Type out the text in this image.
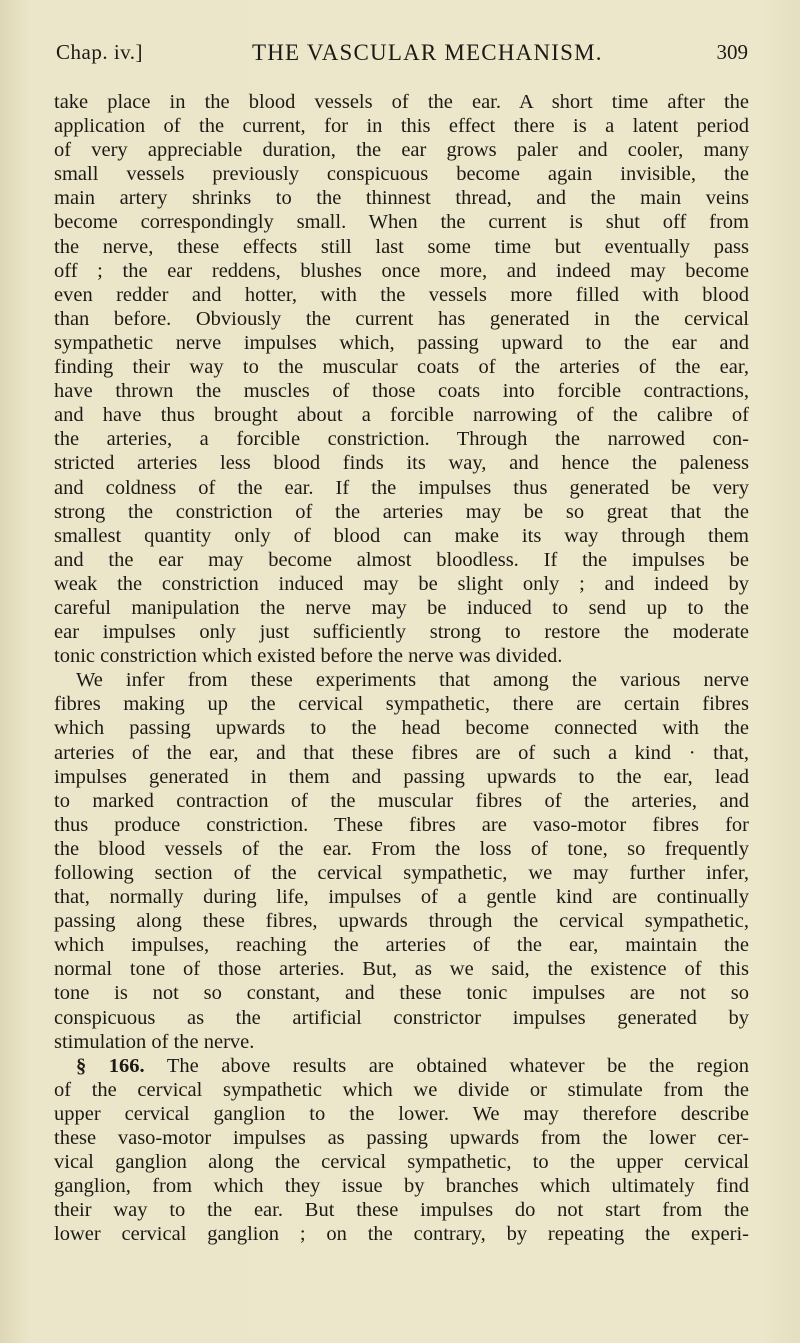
Chap. iv.]	THE VASCULAR MECHANISM.	309
take place in the blood vessels of the ear. A short time after the
application of the current, for in this effect there is a latent period
of very appreciable duration, the ear grows paler and cooler, many
small vessels previously conspicuous become again invisible, the
main artery shrinks to the thinnest thread, and the main veins
become correspondingly small. When the current is shut off from
the nerve, these effects still last some time but eventually pass
off ; the ear reddens, blushes once more, and indeed may become
even redder and hotter, with the vessels more filled with blood
than before. Obviously the current has generated in the cervical
sympathetic nerve impulses which, passing upward to the ear and
finding their way to the muscular coats of the arteries of the ear,
have thrown the muscles of those coats into forcible contractions,
and have thus brought about a forcible narrowing of the calibre of
the arteries, a forcible constriction. Through the narrowed con-
stricted arteries less blood finds its way, and hence the paleness
and coldness of the ear. If the impulses thus generated be very
strong the constriction of the arteries may be so great that the
smallest quantity only of blood can make its way through them
and the ear may become almost bloodless. If the impulses be
weak the constriction induced may be slight only ; and indeed by
careful manipulation the nerve may be induced to send up to the
ear impulses only just sufficiently strong to restore the moderate
tonic constriction which existed before the nerve was divided.
We infer from these experiments that among the various nerve
fibres making up the cervical sympathetic, there are certain fibres
which passing upwards to the head become connected with the
arteries of the ear, and that these fibres are of such a kind · that,
impulses generated in them and passing upwards to the ear, lead
to marked contraction of the muscular fibres of the arteries, and
thus produce constriction. These fibres are vaso-motor fibres for
the blood vessels of the ear. From the loss of tone, so frequently
following section of the cervical sympathetic, we may further infer,
that, normally during life, impulses of a gentle kind are continually
passing along these fibres, upwards through the cervical sympathetic,
which impulses, reaching the arteries of the ear, maintain the
normal tone of those arteries. But, as we said, the existence of this
tone is not so constant, and these tonic impulses are not so
conspicuous as the artificial constrictor impulses generated by
stimulation of the nerve.
§ 166. The above results are obtained whatever be the region
of the cervical sympathetic which we divide or stimulate from the
upper cervical ganglion to the lower. We may therefore describe
these vaso-motor impulses as passing upwards from the lower cer-
vical ganglion along the cervical sympathetic, to the upper cervical
ganglion, from which they issue by branches which ultimately find
their way to the ear. But these impulses do not start from the
lower cervical ganglion ; on the contrary, by repeating the experi-
